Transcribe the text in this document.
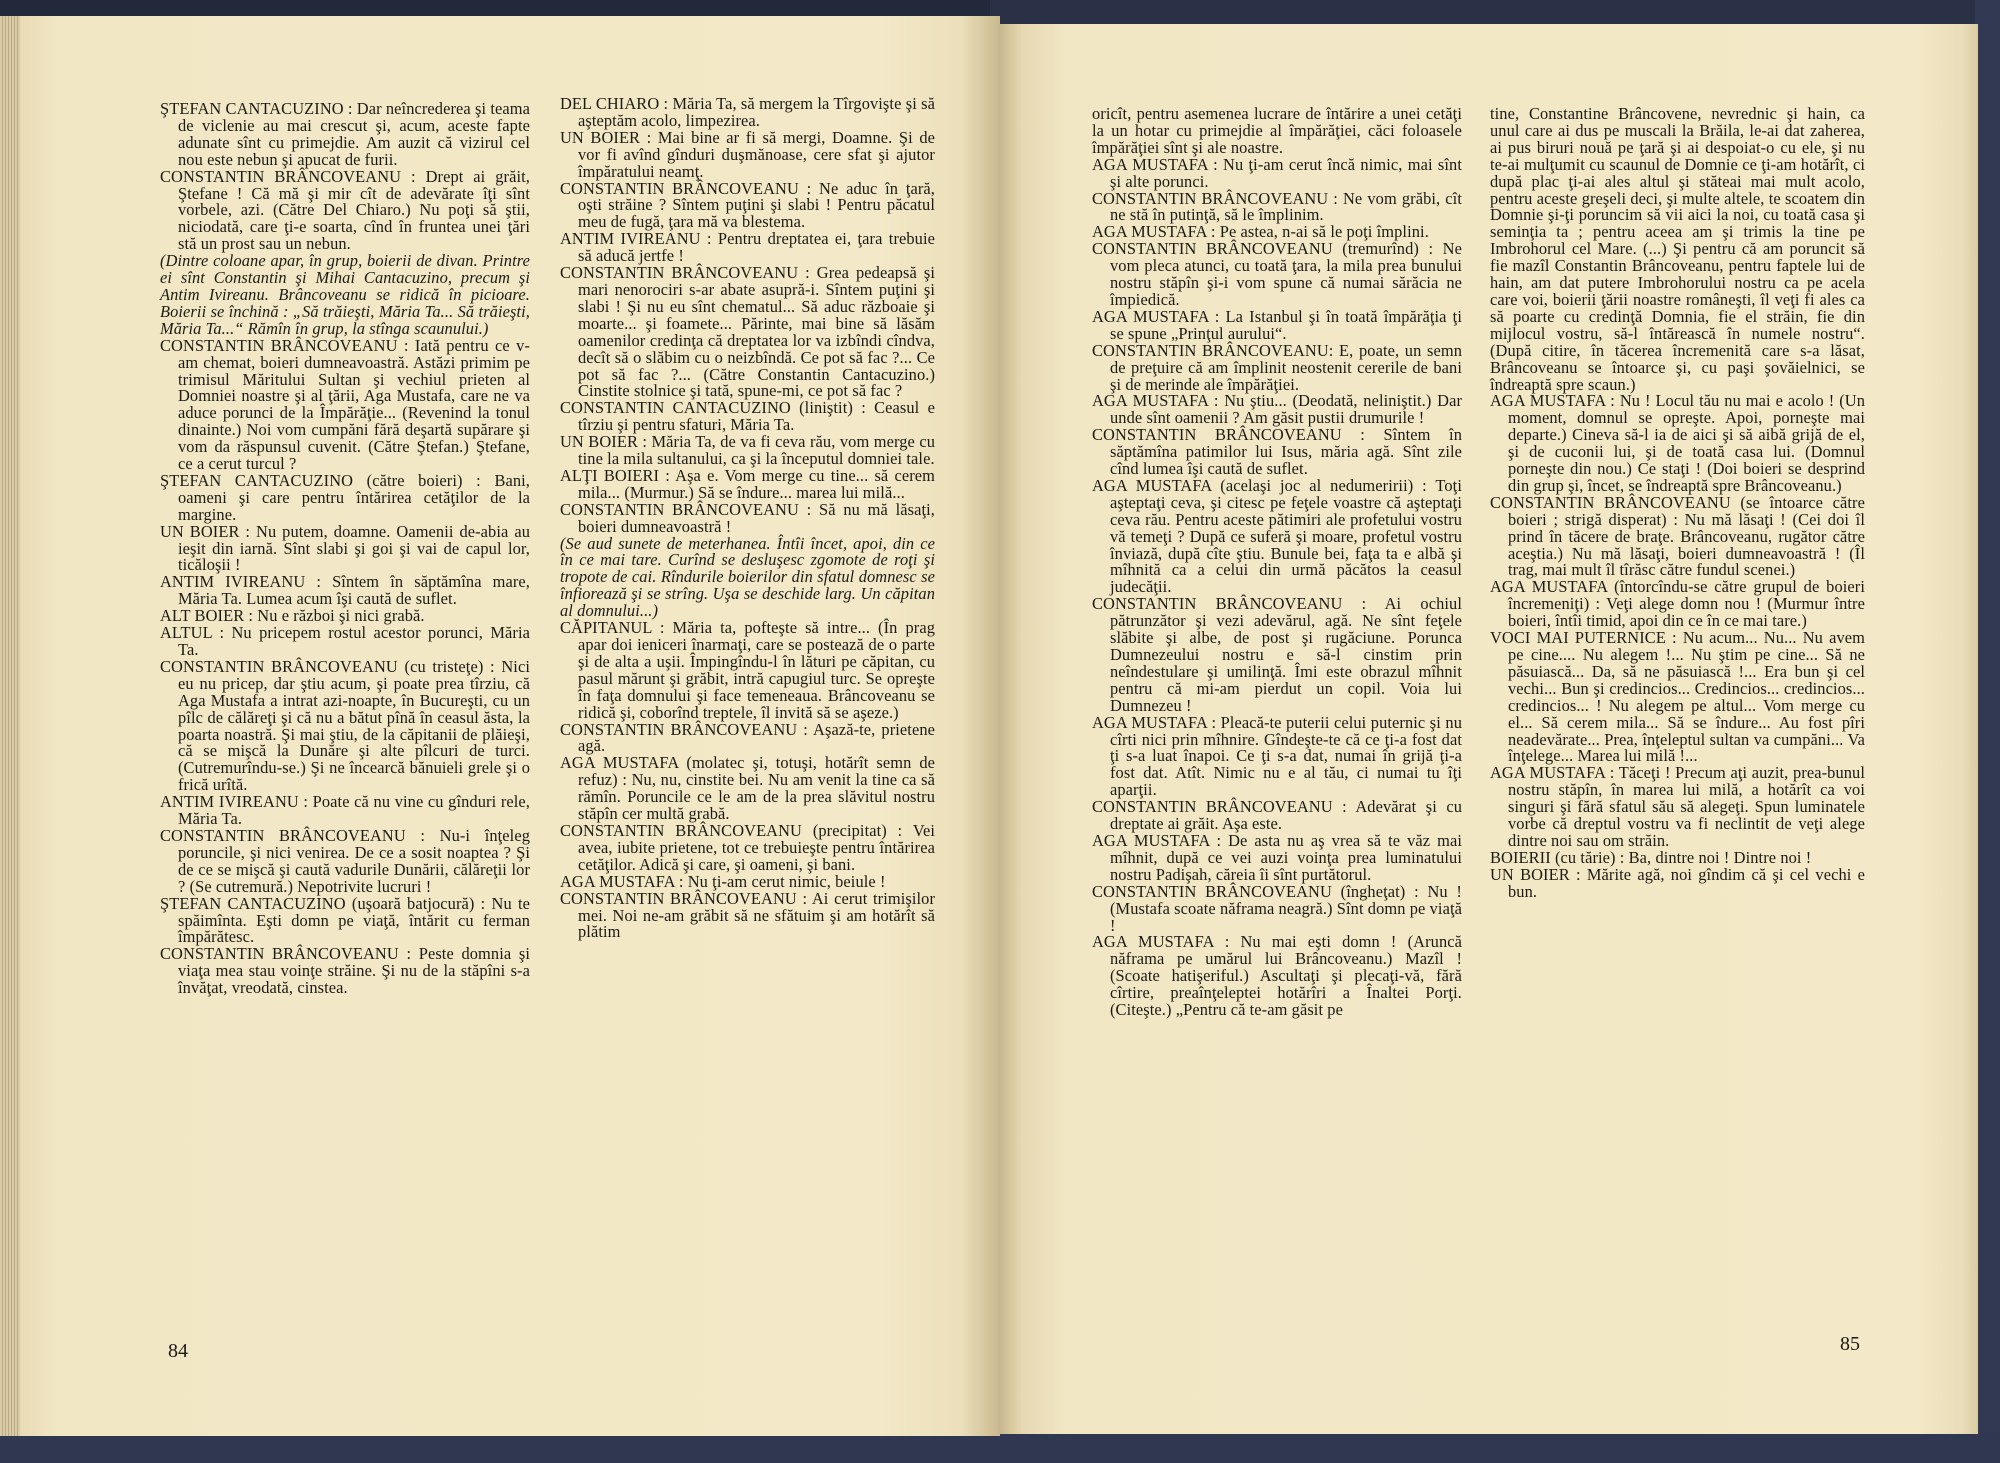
ŞTEFAN CANTACUZINO : Dar neîncrederea şi teama de viclenie au mai crescut şi, acum, aceste fapte adunate sînt cu primejdie. Am auzit că vizirul cel nou este nebun şi apucat de furii.

CONSTANTIN BRÂNCOVEANU : Drept ai grăit, Ştefane ! Că mă şi mir cît de adevărate îţi sînt vorbele, azi. (Către Del Chiaro.) Nu poţi să ştii, niciodată, care ţi-e soarta, cînd în fruntea unei ţări stă un prost sau un nebun.

(Dintre coloane apar, în grup, boierii de divan. Printre ei sînt Constantin şi Mihai Cantacuzino, precum şi Antim Ivireanu. Brâncoveanu se ridică în picioare. Boierii se închină : „Să trăieşti, Măria Ta... Să trăieşti, Măria Ta...“ Rămîn în grup, la stînga scaunului.)

CONSTANTIN BRÂNCOVEANU : Iată pentru ce v-am chemat, boieri dumneavoastră. Astăzi primim pe trimisul Măritului Sultan şi vechiul prieten al Domniei noastre şi al ţării, Aga Mustafa, care ne va aduce porunci de la Împărăţie... (Revenind la tonul dinainte.) Noi vom cumpăni fără deşartă supărare şi vom da răspunsul cuvenit. (Către Ştefan.) Ştefane, ce a cerut turcul ?

ŞTEFAN CANTACUZINO (către boieri) : Bani, oameni şi care pentru întărirea cetăţilor de la margine.

UN BOIER : Nu putem, doamne. Oamenii de-abia au ieşit din iarnă. Sînt slabi şi goi şi vai de capul lor, ticăloşii !

ANTIM IVIREANU : Sîntem în săptămîna mare, Măria Ta. Lumea acum îşi caută de suflet.

ALT BOIER : Nu e război şi nici grabă.

ALTUL : Nu pricepem rostul acestor porunci, Măria Ta.

CONSTANTIN BRÂNCOVEANU (cu tristeţe) : Nici eu nu pricep, dar ştiu acum, şi poate prea tîrziu, că Aga Mustafa a intrat azi-noapte, în Bucureşti, cu un pîlc de călăreţi şi că nu a bătut pînă în ceasul ăsta, la poarta noastră. Şi mai ştiu, de la căpitanii de plăieşi, că se mişcă la Dunăre şi alte pîlcuri de turci. (Cutremurîndu-se.) Şi ne încearcă bănuieli grele şi o frică urîtă.

ANTIM IVIREANU : Poate că nu vine cu gînduri rele, Măria Ta.

CONSTANTIN BRÂNCOVEANU : Nu-i înţeleg poruncile, şi nici venirea. De ce a sosit noaptea ? Şi de ce se mişcă şi caută vadurile Dunării, călăreţii lor ? (Se cutremură.) Nepotrivite lucruri !

ŞTEFAN CANTACUZINO (uşoară batjocură) : Nu te spăimînta. Eşti domn pe viaţă, întărit cu ferman împărătesc.

CONSTANTIN BRÂNCOVEANU : Peste domnia şi viaţa mea stau voinţe străine. Şi nu de la stăpîni s-a învăţat, vreodată, cinstea.

DEL CHIARO : Măria Ta, să mergem la Tîrgovişte şi să aşteptăm acolo, limpezirea.

UN BOIER : Mai bine ar fi să mergi, Doamne. Şi de vor fi avînd gînduri duşmănoase, cere sfat şi ajutor împăratului neamţ.

CONSTANTIN BRÂNCOVEANU : Ne aduc în ţară, oşti străine ? Sîntem puţini şi slabi ! Pentru păcatul meu de fugă, ţara mă va blestema.

ANTIM IVIREANU : Pentru dreptatea ei, ţara trebuie să aducă jertfe !

CONSTANTIN BRÂNCOVEANU : Grea pedeapsă şi mari nenorociri s-ar abate asupră-i. Sîntem puţini şi slabi ! Şi nu eu sînt chematul... Să aduc războaie şi moarte... şi foamete... Părinte, mai bine să lăsăm oamenilor credinţa că dreptatea lor va izbîndi cîndva, decît să o slăbim cu o neizbîndă. Ce pot să fac ?... Ce pot să fac ?... (Către Constantin Cantacuzino.) Cinstite stolnice şi tată, spune-mi, ce pot să fac ?

CONSTANTIN CANTACUZINO (liniştit) : Ceasul e tîrziu şi pentru sfaturi, Măria Ta.

UN BOIER : Măria Ta, de va fi ceva rău, vom merge cu tine la mila sultanului, ca şi la începutul domniei tale.

ALŢI BOIERI : Aşa e. Vom merge cu tine... să cerem mila... (Murmur.) Să se îndure... marea lui milă...

CONSTANTIN BRÂNCOVEANU : Să nu mă lăsaţi, boieri dumneavoastră !

(Se aud sunete de meterhanea. Întîi încet, apoi, din ce în ce mai tare. Curînd se desluşesc zgomote de roţi şi tropote de cai. Rîndurile boierilor din sfatul domnesc se înfiorează şi se strîng. Uşa se deschide larg. Un căpitan al domnului...)

CĂPITANUL : Măria ta, pofteşte să intre... (În prag apar doi ieniceri înarmaţi, care se postează de o parte şi de alta a uşii. Împingîndu-l în lături pe căpitan, cu pasul mărunt şi grăbit, intră capugiul turc. Se opreşte în faţa domnului şi face temeneaua. Brâncoveanu se ridică şi, coborînd treptele, îl invită să se aşeze.)

CONSTANTIN BRÂNCOVEANU : Aşază-te, prietene agă.

AGA MUSTAFA (molatec şi, totuşi, hotărît semn de refuz) : Nu, nu, cinstite bei. Nu am venit la tine ca să rămîn. Poruncile ce le am de la prea slăvitul nostru stăpîn cer multă grabă.

CONSTANTIN BRÂNCOVEANU (precipitat) : Vei avea, iubite prietene, tot ce trebuieşte pentru întărirea cetăţilor. Adică şi care, şi oameni, şi bani.

AGA MUSTAFA : Nu ţi-am cerut nimic, beiule !

CONSTANTIN BRÂNCOVEANU : Ai cerut trimişilor mei. Noi ne-am grăbit să ne sfătuim şi am hotărît să plătim

84

oricît, pentru asemenea lucrare de întărire a unei cetăţi la un hotar cu primejdie al împărăţiei, căci foloasele împărăţiei sînt şi ale noastre.

AGA MUSTAFA : Nu ţi-am cerut încă nimic, mai sînt şi alte porunci.

CONSTANTIN BRÂNCOVEANU : Ne vom grăbi, cît ne stă în putinţă, să le împlinim.

AGA MUSTAFA : Pe astea, n-ai să le poţi împlini.

CONSTANTIN BRÂNCOVEANU (tremurînd) : Ne vom pleca atunci, cu toată ţara, la mila prea bunului nostru stăpîn şi-i vom spune că numai sărăcia ne împiedică.

AGA MUSTAFA : La Istanbul şi în toată împărăţia ţi se spune „Prinţul aurului“.

CONSTANTIN BRÂNCOVEANU: E, poate, un semn de preţuire că am împlinit neostenit cererile de bani şi de merinde ale împărăţiei.

AGA MUSTAFA : Nu ştiu... (Deodată, neliniştit.) Dar unde sînt oamenii ? Am găsit pustii drumurile !

CONSTANTIN BRÂNCOVEANU : Sîntem în săptămîna patimilor lui Isus, măria agă. Sînt zile cînd lumea îşi caută de suflet.

AGA MUSTAFA (acelaşi joc al nedumeririi) : Toţi aşteptaţi ceva, şi citesc pe feţele voastre că aşteptaţi ceva rău. Pentru aceste pătimiri ale profetului vostru vă temeţi ? După ce suferă şi moare, profetul vostru înviază, după cîte ştiu. Bunule bei, faţa ta e albă şi mîhnită ca a celui din urmă păcătos la ceasul judecăţii.

CONSTANTIN BRÂNCOVEANU : Ai ochiul pătrunzător şi vezi adevărul, agă. Ne sînt feţele slăbite şi albe, de post şi rugăciune. Porunca Dumnezeului nostru e să-l cinstim prin neîndestulare şi umilinţă. Îmi este obrazul mîhnit pentru că mi-am pierdut un copil. Voia lui Dumnezeu !

AGA MUSTAFA : Pleacă-te puterii celui puternic şi nu cîrti nici prin mîhnire. Gîndeşte-te că ce ţi-a fost dat ţi s-a luat înapoi. Ce ţi s-a dat, numai în grijă ţi-a fost dat. Atît. Nimic nu e al tău, ci numai tu îţi aparţii.

CONSTANTIN BRÂNCOVEANU : Adevărat şi cu dreptate ai grăit. Aşa este.

AGA MUSTAFA : De asta nu aş vrea să te văz mai mîhnit, după ce vei auzi voinţa prea luminatului nostru Padişah, căreia îi sînt purtătorul.

CONSTANTIN BRÂNCOVEANU (îngheţat) : Nu ! (Mustafa scoate năframa neagră.) Sînt domn pe viaţă !

AGA MUSTAFA : Nu mai eşti domn ! (Aruncă năframa pe umărul lui Brâncoveanu.) Mazîl ! (Scoate hatişeriful.) Ascultaţi şi plecaţi-vă, fără cîrtire, preaînţeleptei hotărîri a Înaltei Porţi. (Citeşte.) „Pentru că te-am găsit pe

tine, Constantine Brâncovene, nevrednic şi hain, ca unul care ai dus pe muscali la Brăila, le-ai dat zaherea, ai pus biruri nouă pe ţară şi ai despoiat-o cu ele, şi nu te-ai mulţumit cu scaunul de Domnie ce ţi-am hotărît, ci după plac ţi-ai ales altul şi stăteai mai mult acolo, pentru aceste greşeli deci, şi multe altele, te scoatem din Domnie şi-ţi poruncim să vii aici la noi, cu toată casa şi seminţia ta ; pentru aceea am şi trimis la tine pe Imbrohorul cel Mare. (...) Şi pentru că am poruncit să fie mazîl Constantin Brâncoveanu, pentru faptele lui de hain, am dat putere Imbrohorului nostru ca pe acela care voi, boierii ţării noastre româneşti, îl veţi fi ales ca să poarte cu credinţă Domnia, fie el străin, fie din mijlocul vostru, să-l întărească în numele nostru“. (După citire, în tăcerea încremenită care s-a lăsat, Brâncoveanu se întoarce şi, cu paşi şovăielnici, se îndreaptă spre scaun.)

AGA MUSTAFA : Nu ! Locul tău nu mai e acolo ! (Un moment, domnul se opreşte. Apoi, porneşte mai departe.) Cineva să-l ia de aici şi să aibă grijă de el, şi de cuconii lui, şi de toată casa lui. (Domnul porneşte din nou.) Ce staţi ! (Doi boieri se desprind din grup şi, încet, se îndreaptă spre Brâncoveanu.)

CONSTANTIN BRÂNCOVEANU (se întoarce către boieri ; strigă disperat) : Nu mă lăsaţi ! (Cei doi îl prind în tăcere de braţe. Brâncoveanu, rugător către aceştia.) Nu mă lăsaţi, boieri dumneavoastră ! (Îl trag, mai mult îl tîrăsc către fundul scenei.)

AGA MUSTAFA (întorcîndu-se către grupul de boieri încremeniţi) : Veţi alege domn nou ! (Murmur între boieri, întîi timid, apoi din ce în ce mai tare.)

VOCI MAI PUTERNICE : Nu acum... Nu... Nu avem pe cine.... Nu alegem !... Nu ştim pe cine... Să ne păsuiască... Da, să ne păsuiască !... Era bun şi cel vechi... Bun şi credincios... Credincios... credincios... credincios... ! Nu alegem pe altul... Vom merge cu el... Să cerem mila... Să se îndure... Au fost pîri neadevărate... Prea, înţeleptul sultan va cumpăni... Va înţelege... Marea lui milă !...

AGA MUSTAFA : Tăceţi ! Precum aţi auzit, prea-bunul nostru stăpîn, în marea lui milă, a hotărît ca voi singuri şi fără sfatul său să alegeţi. Spun luminatele vorbe că dreptul vostru va fi neclintit de veţi alege dintre noi sau om străin.

BOIERII (cu tărie) : Ba, dintre noi ! Dintre noi !

UN BOIER : Mărite agă, noi gîndim că şi cel vechi e bun.

85
